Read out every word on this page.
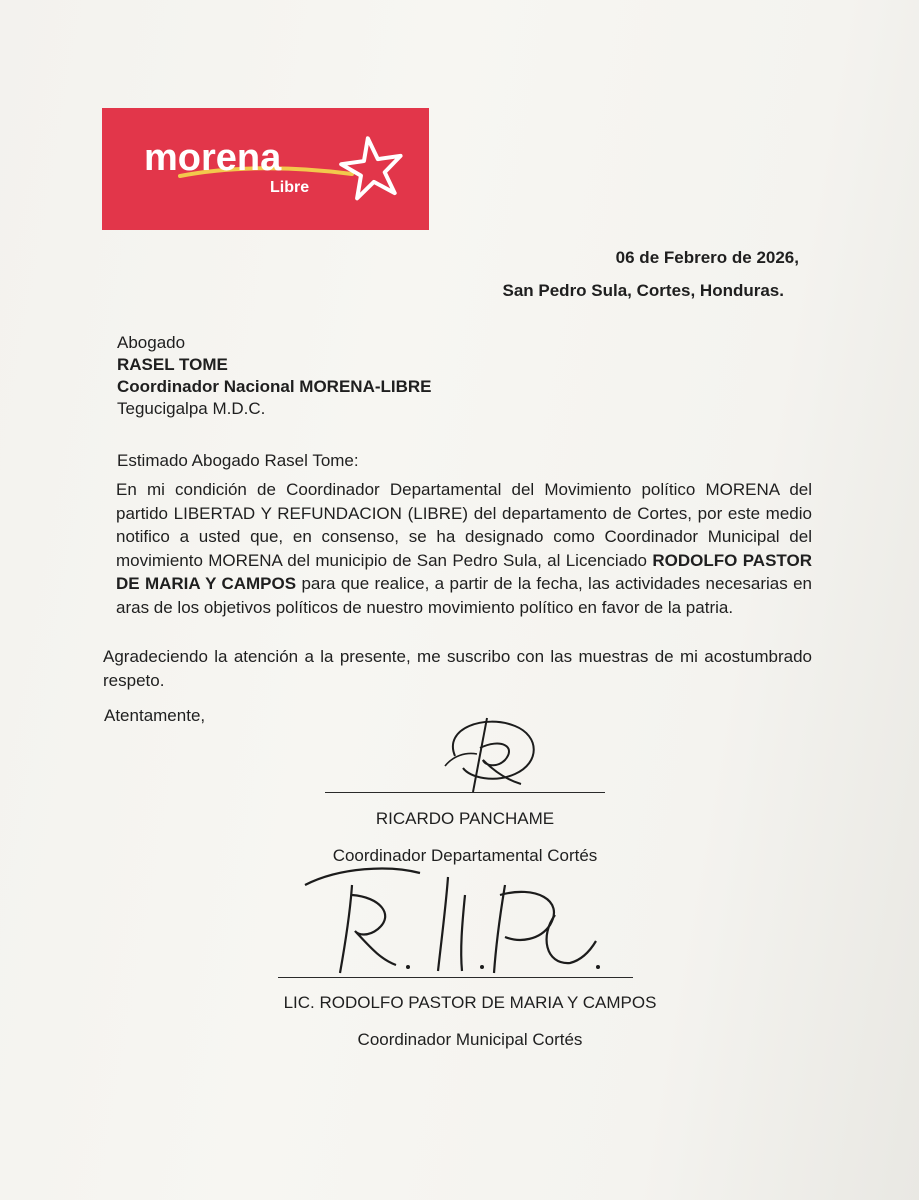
morena
Libre
06 de Febrero de 2026,
San Pedro Sula, Cortes, Honduras.
Abogado
RASEL TOME
Coordinador Nacional MORENA-LIBRE
Tegucigalpa M.D.C.
Estimado Abogado Rasel Tome:
En mi condición de Coordinador Departamental del Movimiento político MORENA del partido LIBERTAD Y REFUNDACION (LIBRE) del departamento de Cortes, por este medio notifico a usted que, en consenso, se ha designado como Coordinador Municipal del movimiento MORENA del municipio de San Pedro Sula, al Licenciado RODOLFO PASTOR DE MARIA Y CAMPOS para que realice, a partir de la fecha, las actividades necesarias en aras de los objetivos políticos de nuestro movimiento político en favor de la patria.
Agradeciendo la atención a la presente, me suscribo con las muestras de mi acostumbrado respeto.
Atentamente,
RICARDO PANCHAME
Coordinador Departamental Cortés
LIC. RODOLFO PASTOR DE MARIA Y CAMPOS
Coordinador Municipal Cortés
